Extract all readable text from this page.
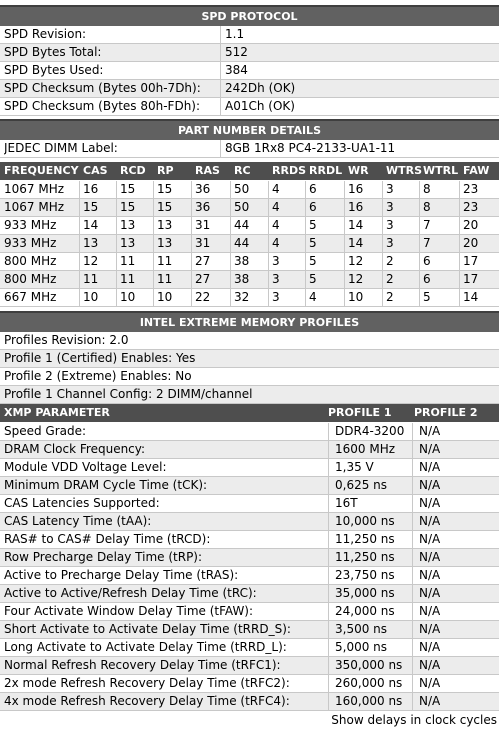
SPD PROTOCOL
SPD Revision:	1.1
SPD Bytes Total:	512
SPD Bytes Used:	384
SPD Checksum (Bytes 00h-7Dh): 242Dh (OK)
SPD Checksum (Bytes 80h-FDh): A01Ch (OK)
PART NUMBER DETAILS
JEDEC DIMM Label:	8GB 1Rx8 PC4-2133-UA1-11
FREQUENCY CAS RCD RP RAS RC RRDS RRDL WR WTRS WTRL FAW
1067 MHz 16 15 15 36 50 4 6	16 3 8	23
1067 MHz 15 15 15 36 50 4 6	16 3 8	23
933 MHz 14 13 13 31 44 4 5	14 3 7	20
933 MHz 13 13 13 31 44 4 5	14 3 7	20
800 MHz 12 11 11 27 38 3 5	12 2 6	17
800 MHz 11 11 11 27 38 3 5	12 2 6	17
667 MHz 10 10 10 22 32 3 4	10 2 5	14
INTEL EXTREME MEMORY PROFILES
Profiles Revision: 2.0
Profile 1 (Certified) Enables: Yes
Profile 2 (Extreme) Enables: No
Profile 1 Channel Config: 2 DIMM/channel
XMP PARAMETER	PROFILE 1 PROFILE 2
Speed Grade:	DDR4-3200 N/A
DRAM Clock Frequency:	1600 MHz N/A
Module VDD Voltage Level:	1,35 V	N/A
Minimum DRAM Cycle Time (tCK):	0,625 ns	N/A
CAS Latencies Supported:	16T	N/A
CAS Latency Time (tAA):	10,000 ns N/A
RAS# to CAS# Delay Time (tRCD):	11,250 ns N/A
Row Precharge Delay Time (tRP):	11,250 ns N/A
Active to Precharge Delay Time (tRAS):	23,750 ns N/A
Active to Active/Refresh Delay Time (tRC):	35,000 ns N/A
Four Activate Window Delay Time (tFAW):	24,000 ns N/A
Short Activate to Activate Delay Time (tRRD_S):	3,500 ns	N/A
Long Activate to Activate Delay Time (tRRD_L):	5,000 ns	N/A
Normal Refresh Recovery Delay Time (tRFC1):	350,000 ns N/A
2x mode Refresh Recovery Delay Time (tRFC2):	260,000 ns N/A
4x mode Refresh Recovery Delay Time (tRFC4):	160,000 ns N/A
Show delays in clock cycles
